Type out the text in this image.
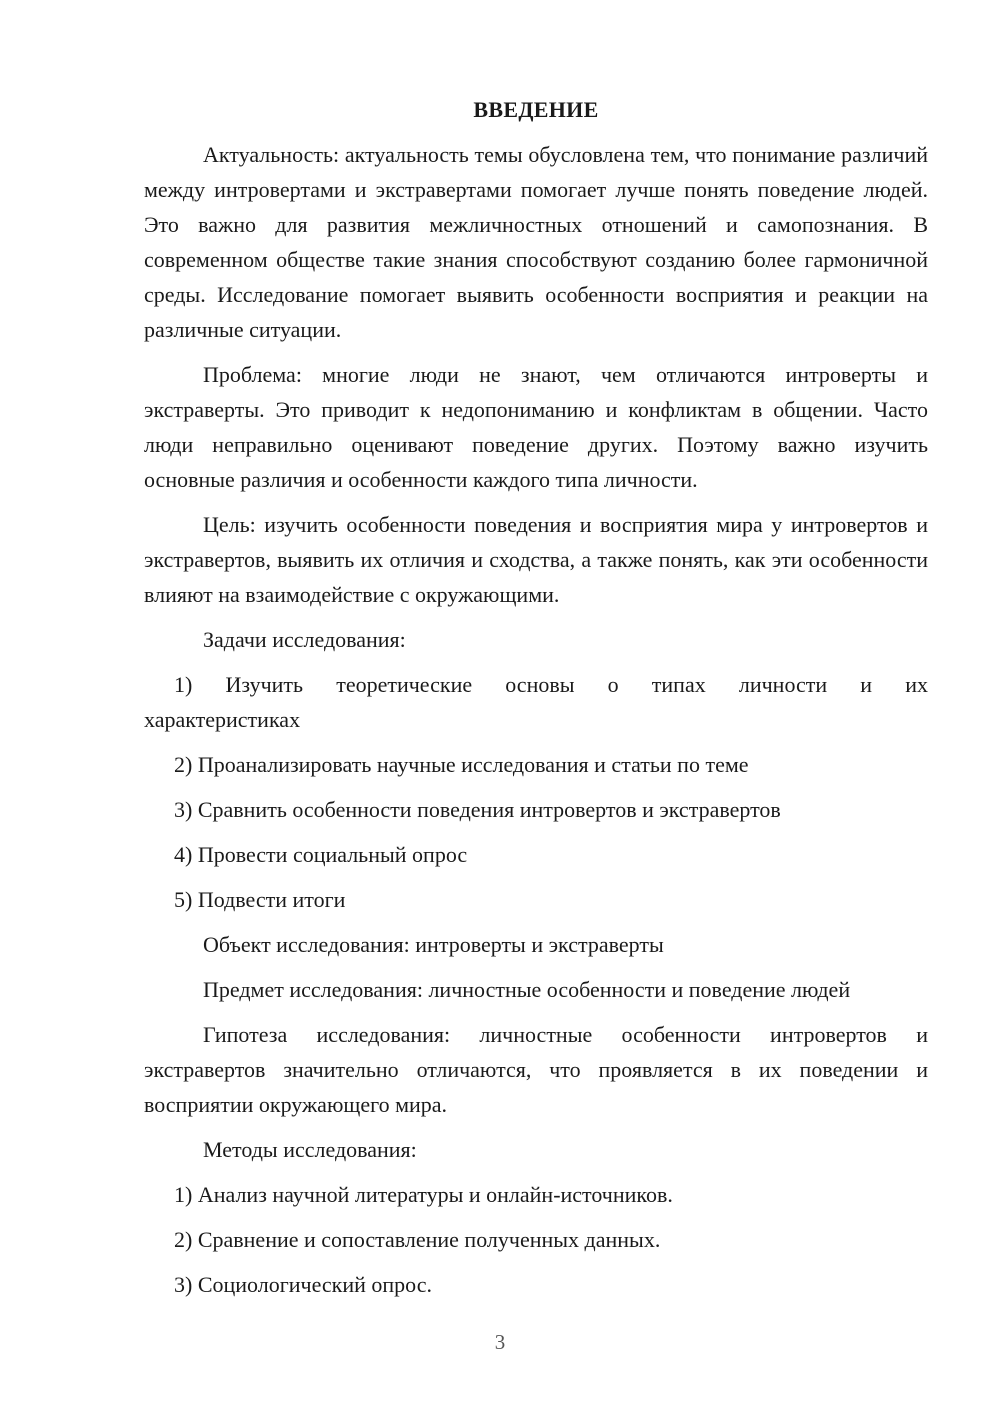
ВВЕДЕНИЕ
Актуальность: актуальность темы обусловлена тем, что понимание различий между интровертами и экстравертами помогает лучше понять поведение людей. Это важно для развития межличностных отношений и самопознания. В современном обществе такие знания способствуют созданию более гармоничной среды. Исследование помогает выявить особенности восприятия и реакции на различные ситуации.
Проблема: многие люди не знают, чем отличаются интроверты и экстраверты. Это приводит к недопониманию и конфликтам в общении. Часто люди неправильно оценивают поведение других. Поэтому важно изучить основные различия и особенности каждого типа личности.
Цель: изучить особенности поведения и восприятия мира у интровертов и экстравертов, выявить их отличия и сходства, а также понять, как эти особенности влияют на взаимодействие с окружающими.
Задачи исследования:
1) Изучить теоретические основы о типах личности и их
характеристиках
2) Проанализировать научные исследования и статьи по теме
3) Сравнить особенности поведения интровертов и экстравертов
4) Провести социальный опрос
5) Подвести итоги
Объект исследования: интроверты и экстраверты
Предмет исследования: личностные особенности и поведение людей
Гипотеза исследования: личностные особенности интровертов и экстравертов значительно отличаются, что проявляется в их поведении и восприятии окружающего мира.
Методы исследования:
1) Анализ научной литературы и онлайн-источников.
2) Сравнение и сопоставление полученных данных.
3) Социологический опрос.
3
